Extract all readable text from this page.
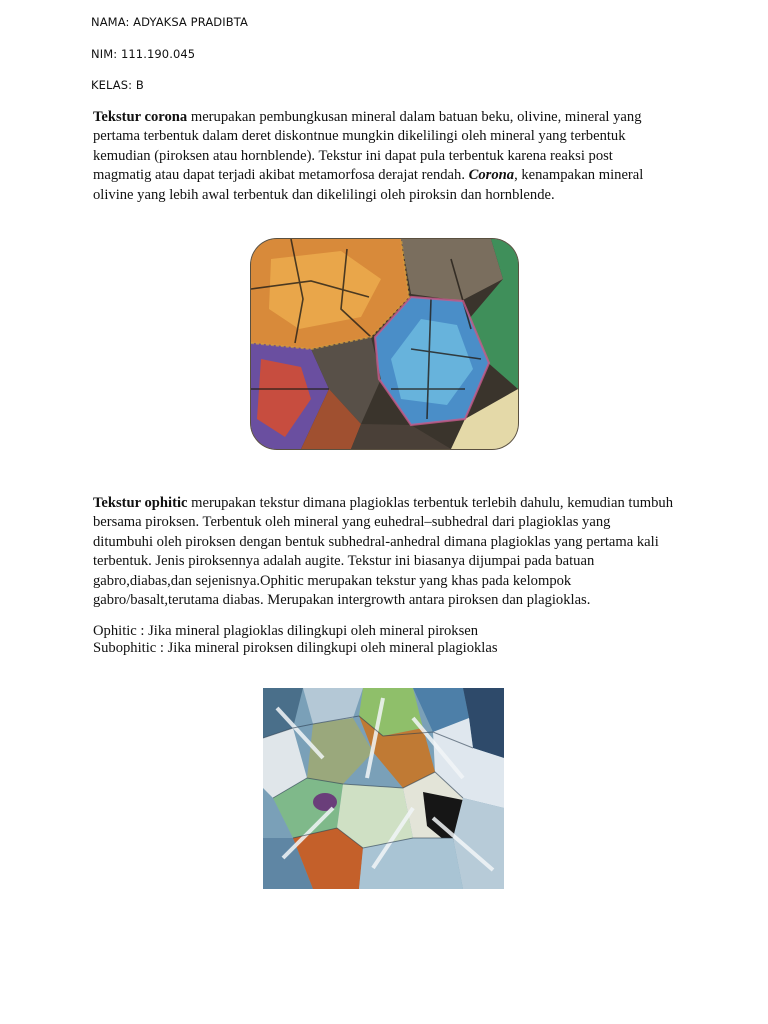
NAMA: ADYAKSA PRADIBTA
NIM: 111.190.045
KELAS: B

Tekstur corona merupakan pembungkusan mineral dalam batuan beku, olivine, mineral yang pertama terbentuk dalam deret diskontnue mungkin dikelilingi oleh mineral yang terbentuk kemudian (piroksen atau hornblende). Tekstur ini dapat pula terbentuk karena reaksi post magmatig atau dapat terjadi akibat metamorfosa derajat rendah. Corona, kenampakan mineral olivine yang lebih awal terbentuk dan dikelilingi oleh piroksin dan hornblende.

Tekstur ophitic merupakan tekstur dimana plagioklas terbentuk terlebih dahulu, kemudian tumbuh bersama piroksen. Terbentuk oleh mineral yang euhedral–subhedral dari plagioklas yang ditumbuhi oleh piroksen dengan bentuk subhedral-anhedral dimana plagioklas yang pertama kali terbentuk. Jenis piroksennya adalah augite. Tekstur ini biasanya dijumpai pada batuan gabro,diabas,dan sejenisnya.Ophitic merupakan tekstur yang khas pada kelompok gabro/basalt,terutama diabas. Merupakan intergrowth antara piroksen dan plagioklas.

Ophitic : Jika mineral plagioklas dilingkupi oleh mineral piroksen
Subophitic : Jika mineral piroksen dilingkupi oleh mineral plagioklas
